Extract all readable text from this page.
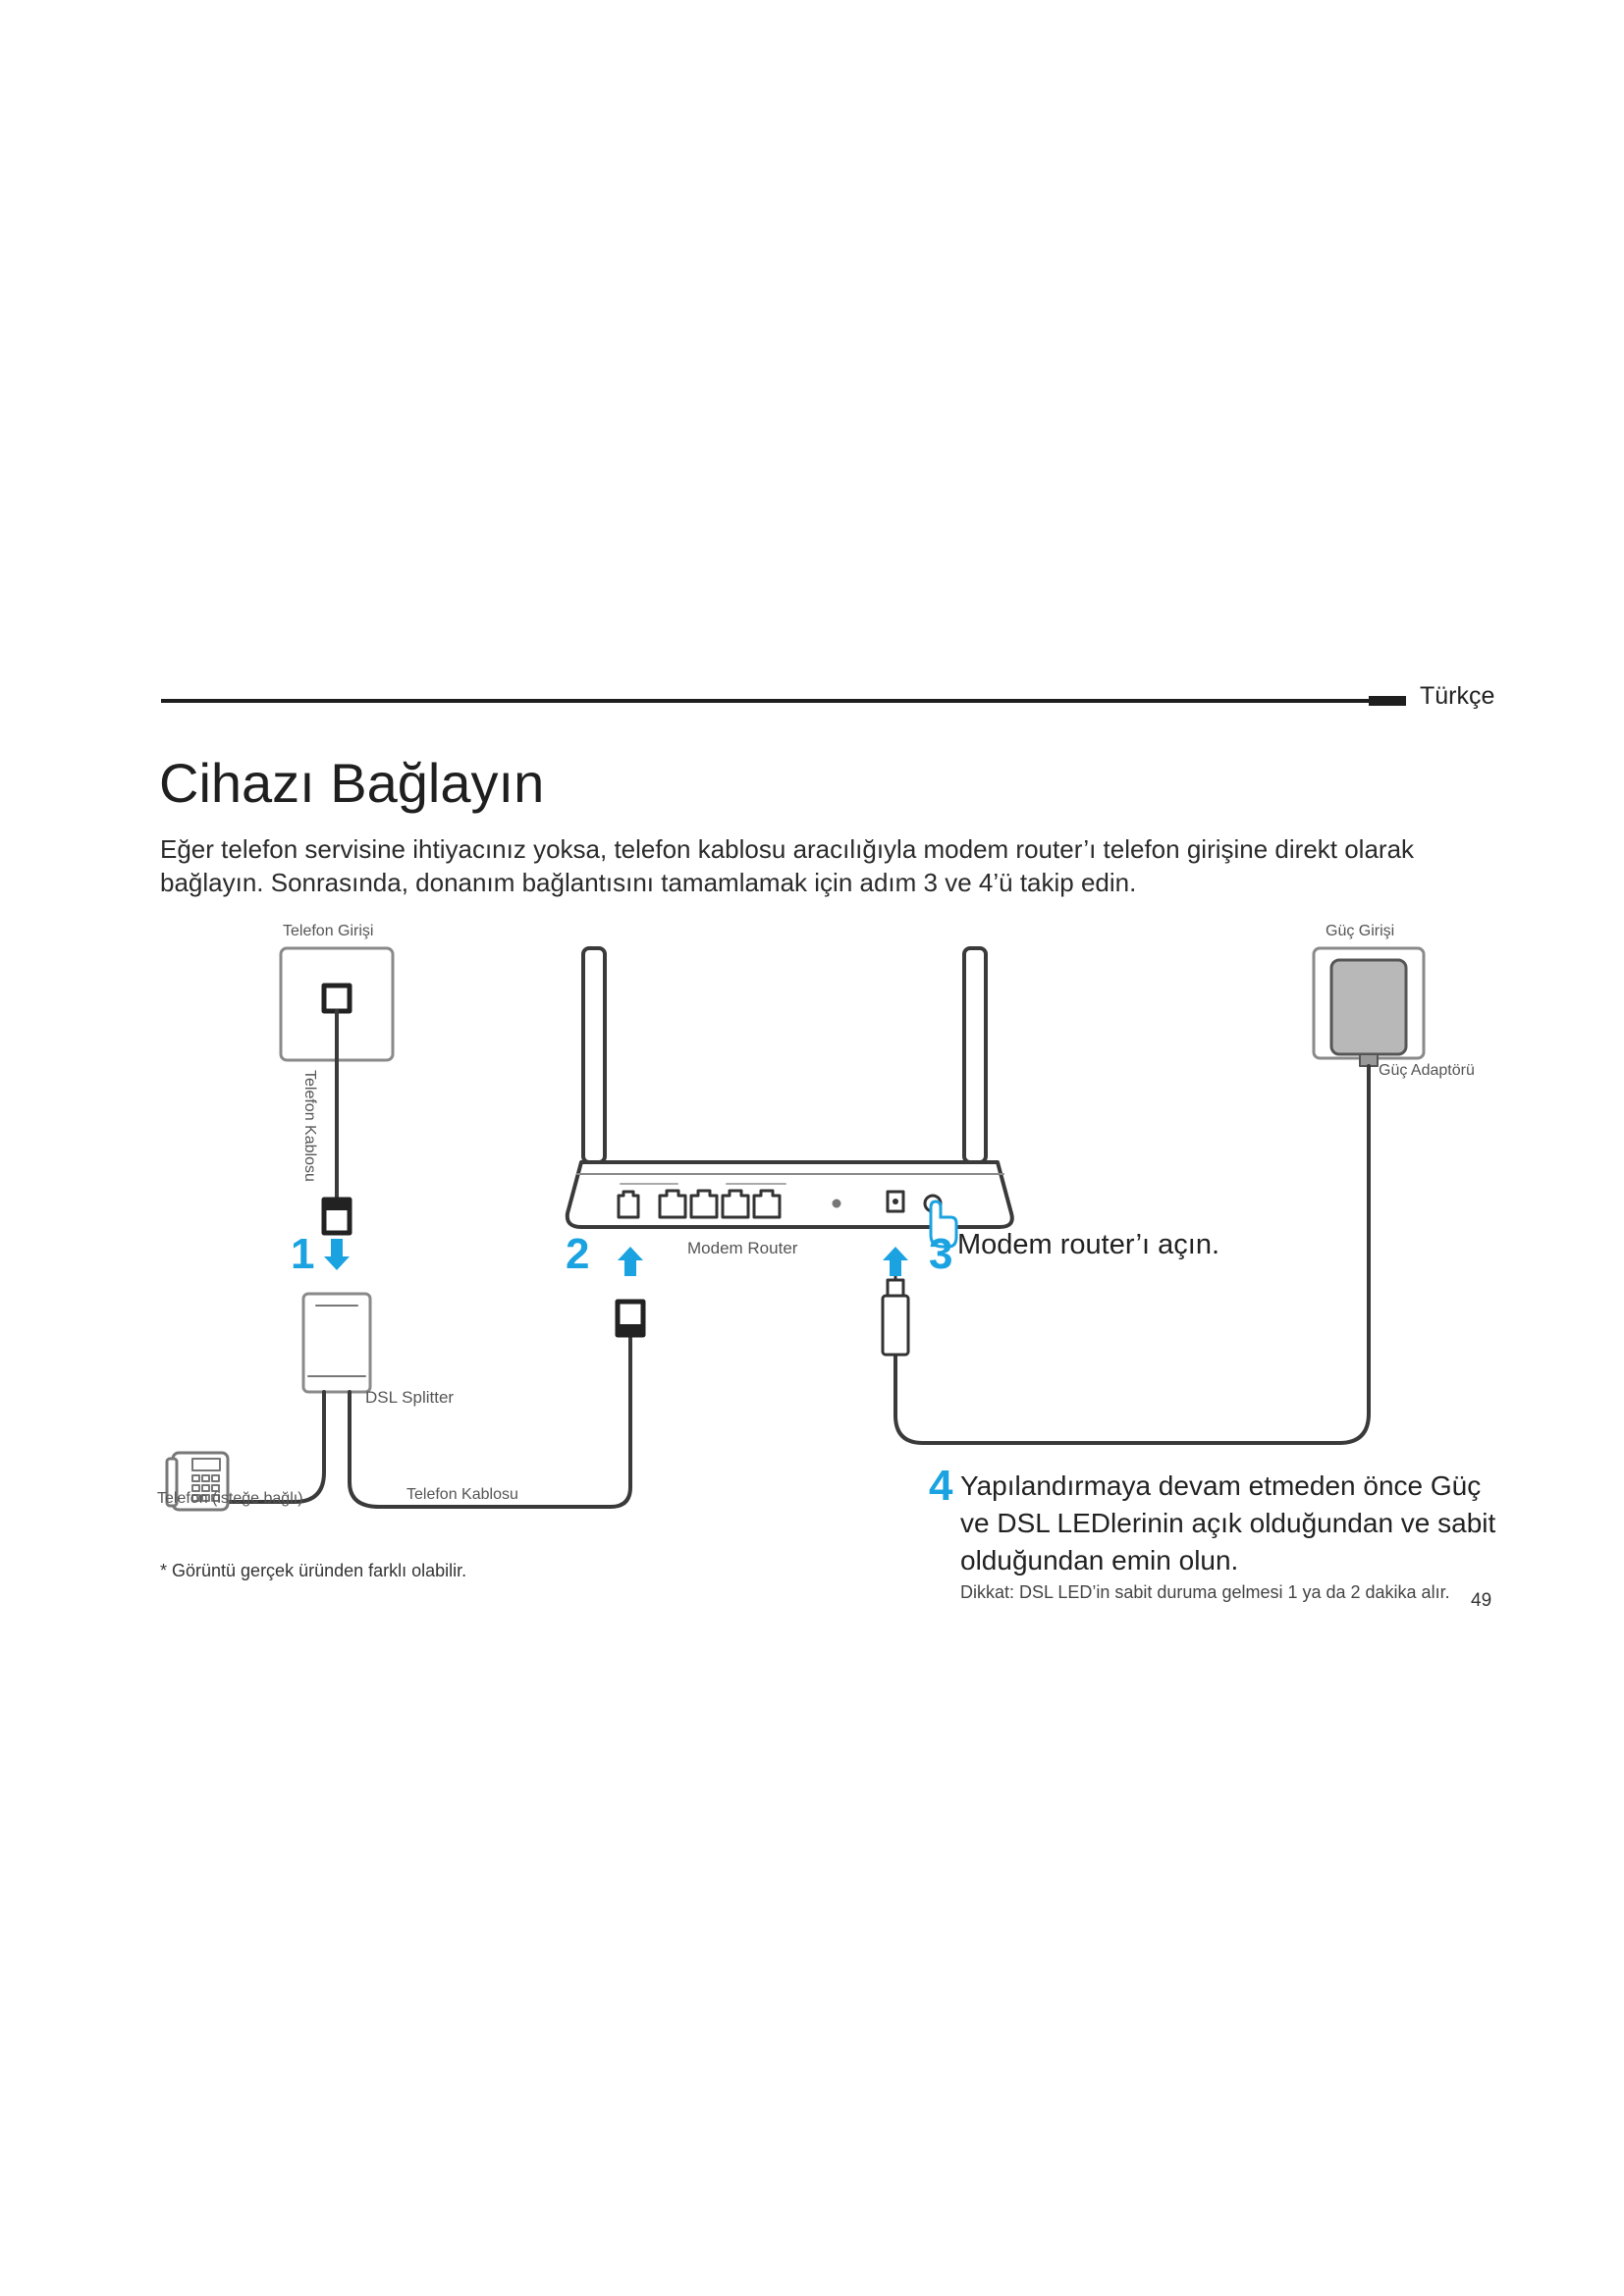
Türkçe
Cihazı Bağlayın
Eğer telefon servisine ihtiyacınız yoksa, telefon kablosu aracılığıyla modem router’ı telefon girişine direkt olarak bağlayın. Sonrasında, donanım bağlantısını tamamlamak için adım 3 ve 4’ü takip edin.
Telefon Girişi	Güç Girişi
Güç Adaptörü
Telefon Kablosu
Modem Router
DSL Splitter
Telefon (isteğe bağlı)	Telefon Kablosu
1	2	3 Modem router’ı açın.
4 Yapılandırmaya devam etmeden önce Güç ve DSL LEDlerinin açık olduğundan ve sabit olduğundan emin olun.
Dikkat: DSL LED’in sabit duruma gelmesi 1 ya da 2 dakika alır.
* Görüntü gerçek üründen farklı olabilir.
49
